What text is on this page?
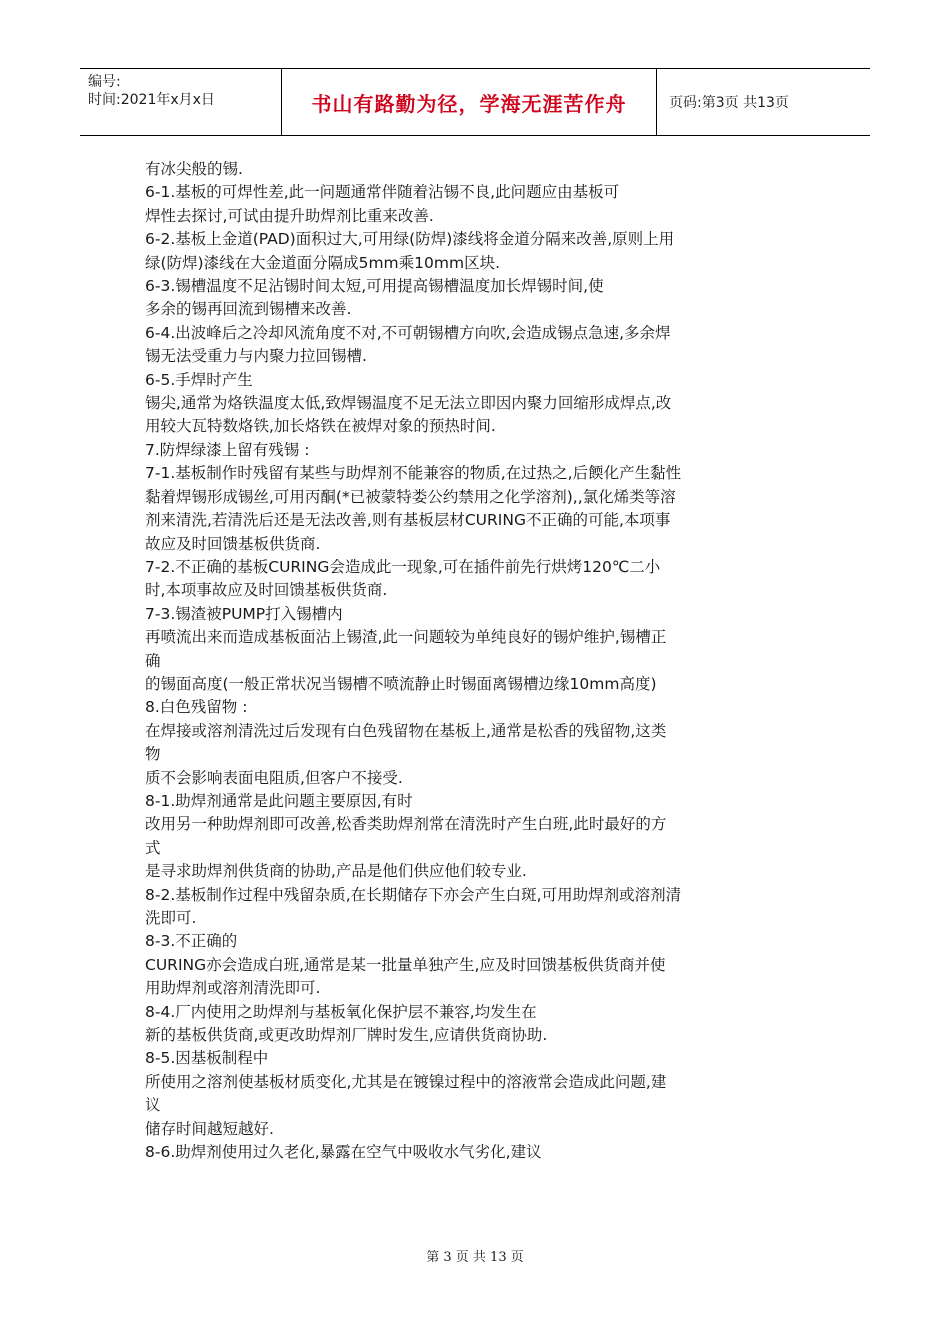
编号:
时间:2021年x月x日	书山有路勤为径，学海无涯苦作舟	页码:第3页 共13页
有冰尖般的锡.
6-1.基板的可焊性差,此一问题通常伴随着沾锡不良,此问题应由基板可
焊性去探讨,可试由提升助焊剂比重来改善.
6-2.基板上金道(PAD)面积过大,可用绿(防焊)漆线将金道分隔来改善,原则上用
绿(防焊)漆线在大金道面分隔成5mm乘10mm区块.
6-3.锡槽温度不足沾锡时间太短,可用提高锡槽温度加长焊锡时间,使
多余的锡再回流到锡槽来改善.
6-4.出波峰后之冷却风流角度不对,不可朝锡槽方向吹,会造成锡点急速,多余焊
锡无法受重力与内聚力拉回锡槽.
6-5.手焊时产生
锡尖,通常为烙铁温度太低,致焊锡温度不足无法立即因内聚力回缩形成焊点,改
用较大瓦特数烙铁,加长烙铁在被焊对象的预热时间.
7.防焊绿漆上留有残锡 :
7-1.基板制作时残留有某些与助焊剂不能兼容的物质,在过热之,后餪化产生黏性
黏着焊锡形成锡丝,可用丙酮(*已被蒙特娄公约禁用之化学溶剂),,氯化烯类等溶
剂来清洗,若清洗后还是无法改善,则有基板层材CURING不正确的可能,本项事
故应及时回馈基板供货商.
7-2.不正确的基板CURING会造成此一现象,可在插件前先行烘烤120℃二小
时,本项事故应及时回馈基板供货商.
7-3.锡渣被PUMP打入锡槽内
再喷流出来而造成基板面沾上锡渣,此一问题较为单纯良好的锡炉维护,锡槽正
确
的锡面高度(一般正常状况当锡槽不喷流静止时锡面离锡槽边缘10mm高度)
8.白色残留物 :
在焊接或溶剂清洗过后发现有白色残留物在基板上,通常是松香的残留物,这类
物
质不会影响表面电阻质,但客户不接受.
8-1.助焊剂通常是此问题主要原因,有时
改用另一种助焊剂即可改善,松香类助焊剂常在清洗时产生白班,此时最好的方
式
是寻求助焊剂供货商的协助,产品是他们供应他们较专业.
8-2.基板制作过程中残留杂质,在长期储存下亦会产生白斑,可用助焊剂或溶剂清
洗即可.
8-3.不正确的
CURING亦会造成白班,通常是某一批量单独产生,应及时回馈基板供货商并使
用助焊剂或溶剂清洗即可.
8-4.厂内使用之助焊剂与基板氧化保护层不兼容,均发生在
新的基板供货商,或更改助焊剂厂牌时发生,应请供货商协助.
8-5.因基板制程中
所使用之溶剂使基板材质变化,尤其是在镀镍过程中的溶液常会造成此问题,建
议
储存时间越短越好.
8-6.助焊剂使用过久老化,暴露在空气中吸收水气劣化,建议
第 3 页 共 13 页
